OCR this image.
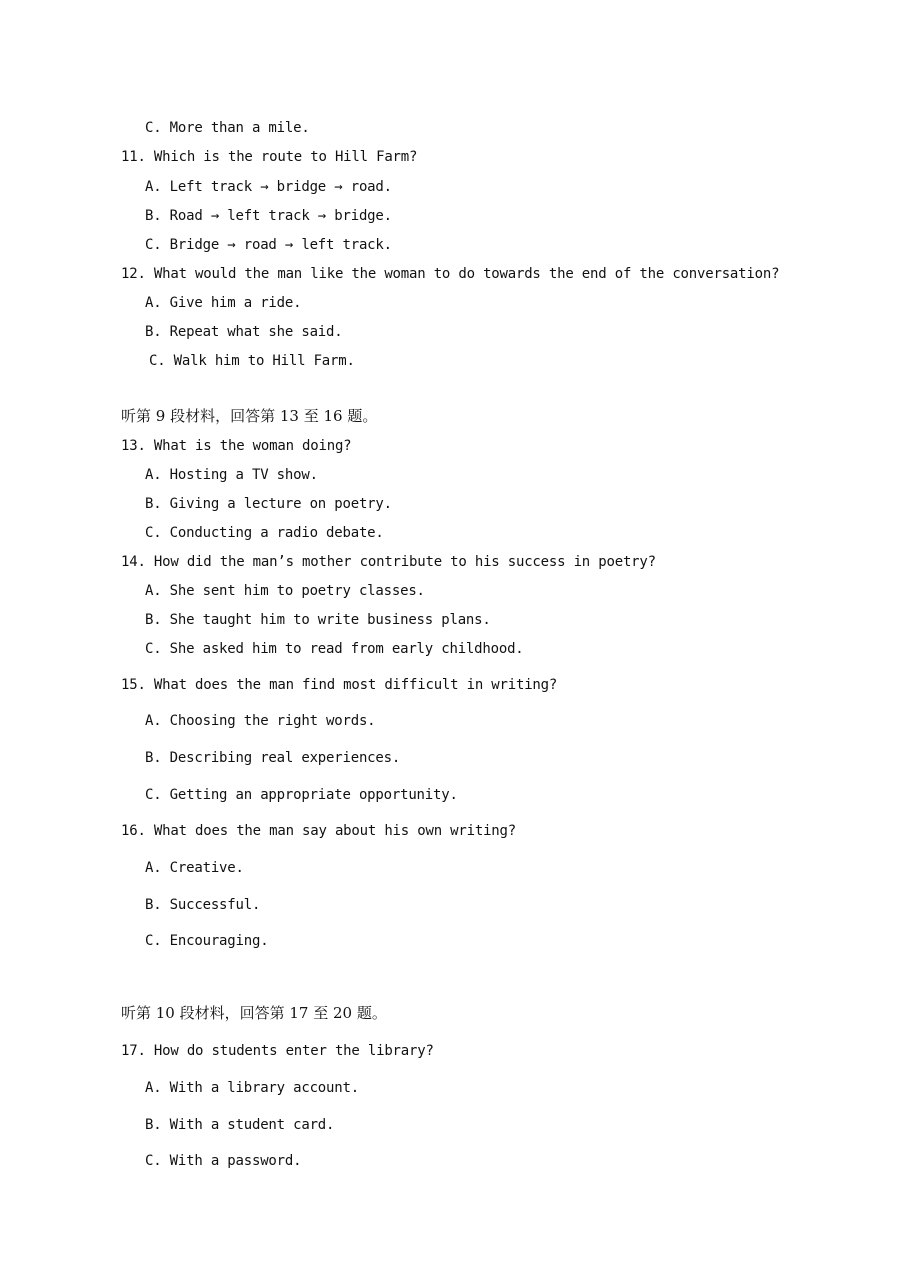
C. More than a mile.
11. Which is the route to Hill Farm?
A. Left track → bridge → road.
B. Road → left track → bridge.
C. Bridge → road → left track.
12. What would the man like the woman to do towards the end of the conversation?
A. Give him a ride.
B. Repeat what she said.
C. Walk him to Hill Farm.
听第 9 段材料，回答第 13 至 16 题。
13. What is the woman doing?
A. Hosting a TV show.
B. Giving a lecture on poetry.
C. Conducting a radio debate.
14. How did the man’s mother contribute to his success in poetry?
A. She sent him to poetry classes.
B. She taught him to write business plans.
C. She asked him to read from early childhood.
15. What does the man find most difficult in writing?
A. Choosing the right words.
B. Describing real experiences.
C. Getting an appropriate opportunity.
16. What does the man say about his own writing?
A. Creative.
B. Successful.
C. Encouraging.
听第 10 段材料，回答第 17 至 20 题。
17. How do students enter the library?
A. With a library account.
B. With a student card.
C. With a password.
